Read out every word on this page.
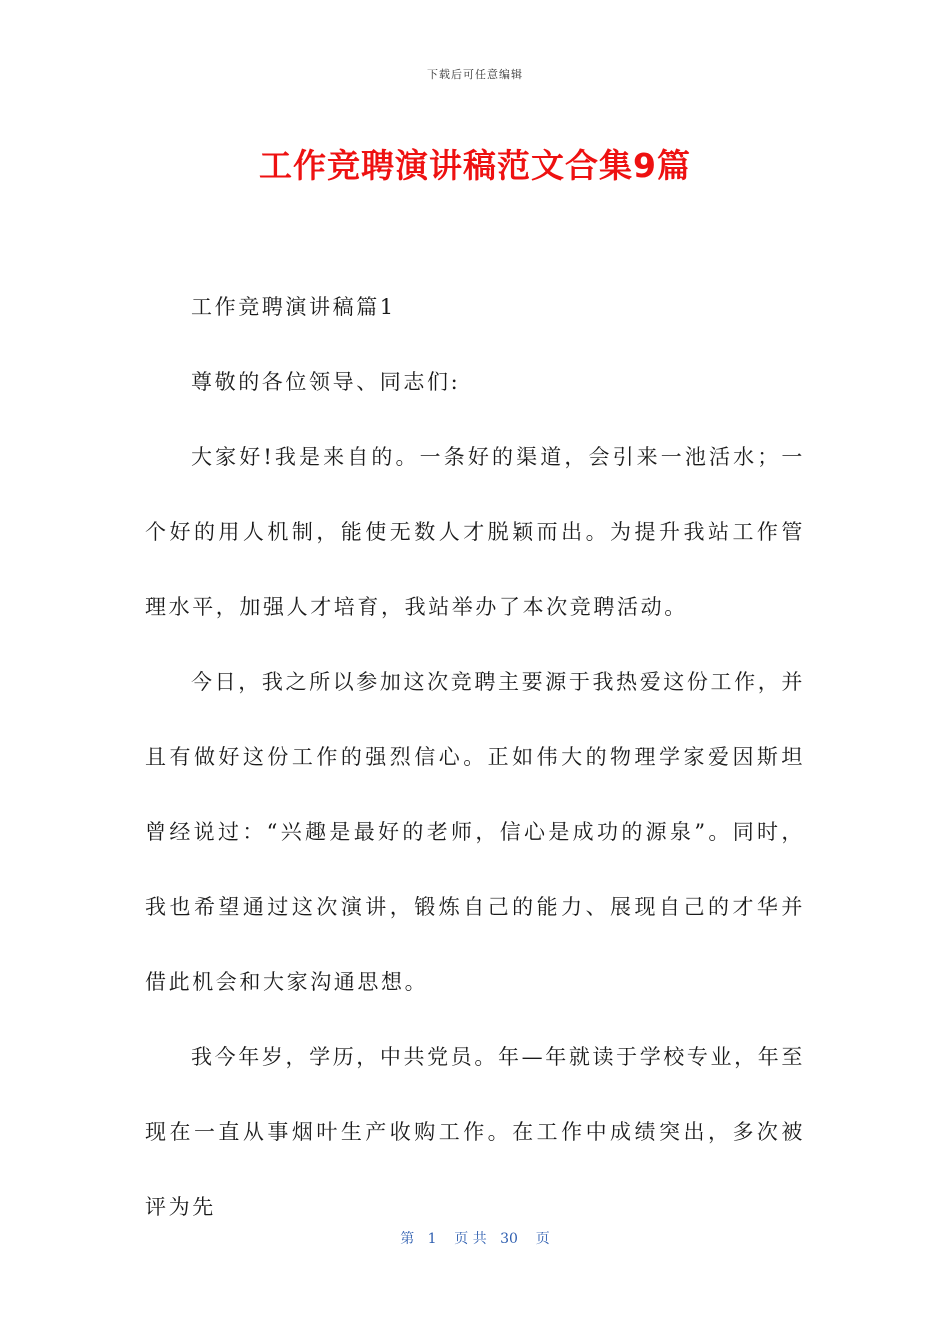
下载后可任意编辑
工作竞聘演讲稿范文合集9篇

工作竞聘演讲稿篇1

尊敬的各位领导、同志们:

大家好!我是来自的。一条好的渠道，会引来一池活水；一个好的用人机制，能使无数人才脱颖而出。为提升我站工作管理水平，加强人才培育，我站举办了本次竞聘活动。

今日，我之所以参加这次竞聘主要源于我热爱这份工作，并且有做好这份工作的强烈信心。正如伟大的物理学家爱因斯坦曾经说过：“兴趣是最好的老师，信心是成功的源泉”。同时，我也希望通过这次演讲，锻炼自己的能力、展现自己的才华并借此机会和大家沟通思想。

我今年岁，学历，中共党员。年—年就读于学校专业，年至现在一直从事烟叶生产收购工作。在工作中成绩突出，多次被评为先

第   1    页 共   30    页
